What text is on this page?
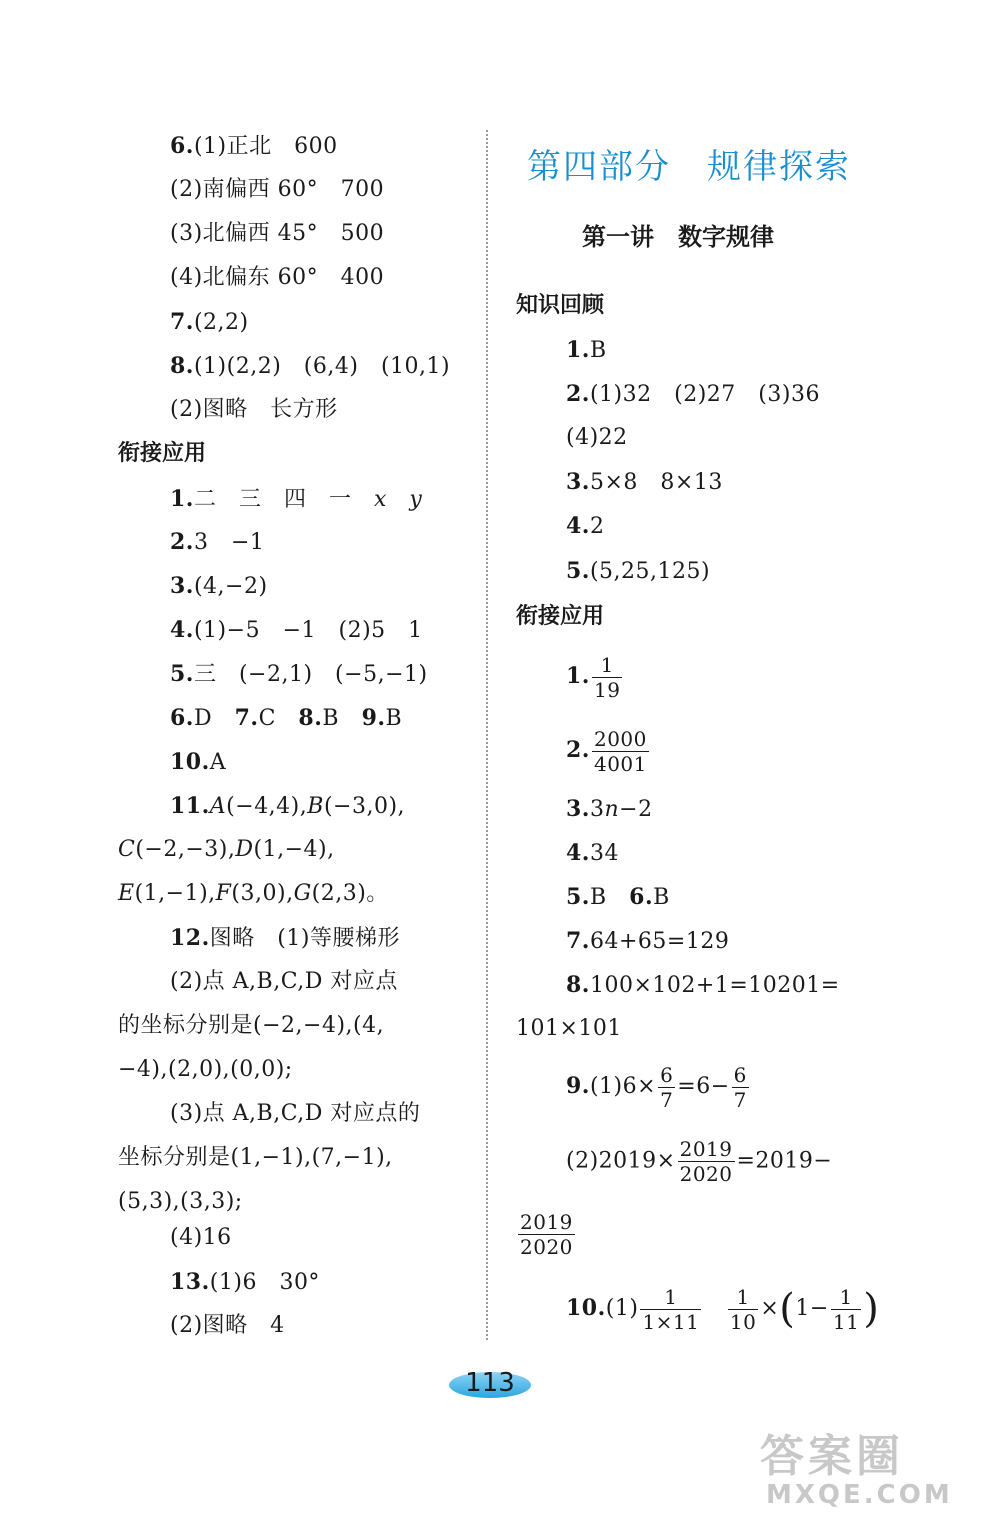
6.(1)正北　600
(2)南偏西 60°　700
(3)北偏西 45°　500
(4)北偏东 60°　400
7.(2,2)
8.(1)(2,2)　(6,4)　(10,1)
(2)图略　长方形
衔接应用
1.二　三　四　一　x　 y
2.3　−1
3.(4,−2)
4.(1)−5　−1　(2)5　1
5.三　(−2,1)　(−5,−1)
6.D　7.C　8.B　9.B
10.A
11.A(−4,4),B(−3,0),
C(−2,−3),D(1,−4),
E(1,−1),F(3,0),G(2,3)。
12.图略　(1)等腰梯形
(2)点 A,B,C,D 对应点
的坐标分别是(−2,−4),(4,
−4),(2,0),(0,0);
(3)点 A,B,C,D 对应点的
坐标分别是(1,−1),(7,−1),
(5,3),(3,3);
(4)16
13.(1)6　30°
(2)图略　4
第四部分　规律探索
第一讲　数字规律
知识回顾
1.B
2.(1)32　(2)27　(3)36
(4)22
3.5×8　8×13
4.2
5.(5,25,125)
衔接应用
1. $\frac{1}{19}$
2. $\frac{2000}{4001}$
3.3n−2
4.34
5.B　6.B
7.64+65=129
8.100×102+1=10201=
101×101
$9.(1)6\times \frac{6}{7} =6- \frac{6}{7}$
$(2)2019\times \frac{2019}{2020} =2019-$
$\frac{2019}{2020}$
$10.(1) \frac{1}{1\times 11}$
　 $\frac{1}{10} \times(1- \frac{1}{11}$ )
113
答案圈
MXQE.COM
